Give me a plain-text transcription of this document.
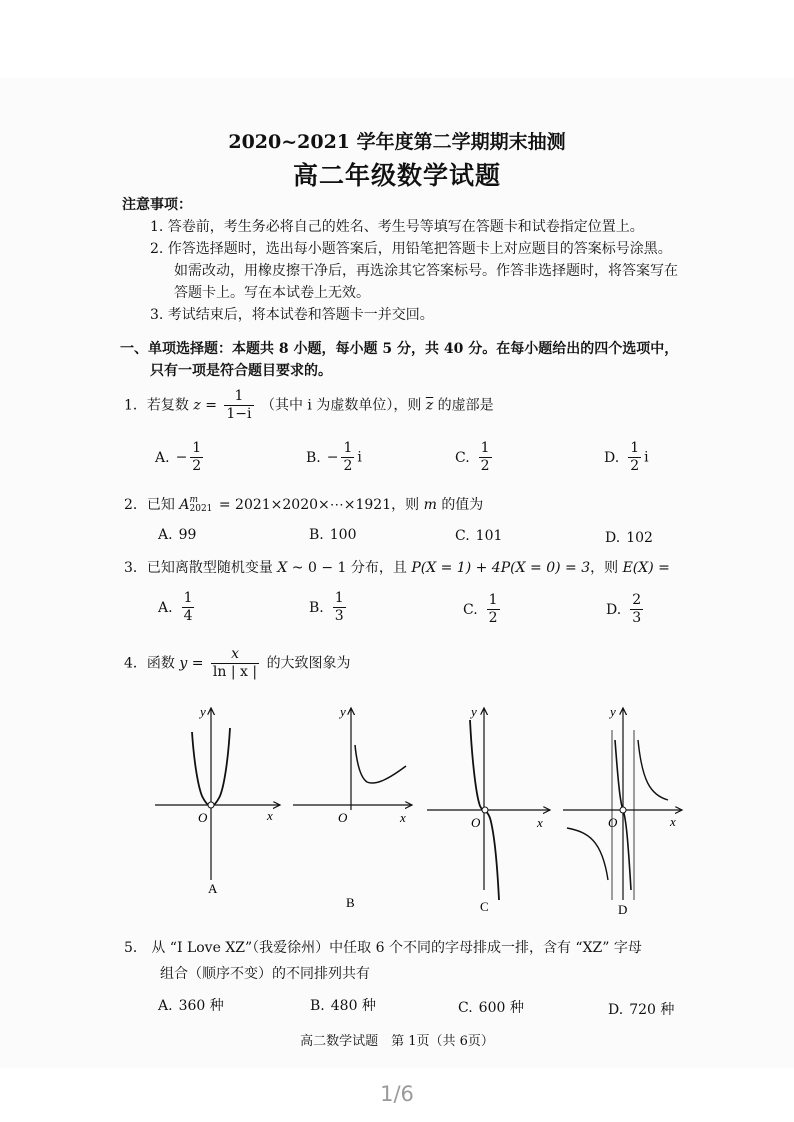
2020~2021 学年度第二学期期末抽测
高二年级数学试题
注意事项：
1. 答卷前，考生务必将自己的姓名、考生号等填写在答题卡和试卷指定位置上。
2. 作答选择题时，选出每小题答案后，用铅笔把答题卡上对应题目的答案标号涂黑。
如需改动，用橡皮擦干净后，再选涂其它答案标号。作答非选择题时，将答案写在
答题卡上。写在本试卷上无效。
3. 考试结束后，将本试卷和答题卡一并交回。
一、单项选择题：本题共 8 小题，每小题 5 分，共 40 分。在每小题给出的四个选项中，
只有一项是符合题目要求的。
1．若复数 $z = \frac{1}{1-i}$ （其中 i 为虚数单位），则 $\overline{z}$ 的虚部是
A. − $\frac{1}{2}$	B. − $\frac{1}{2}$ i	C. $\frac{1}{2}$	D. $\frac{1}{2}$ i
2．已知 A m
2021 = 2021×2020×⋯×1921，则 m 的值为
A. 99	B. 100	C. 101	D. 102
3．已知离散型随机变量 X ~ 0 − 1 分布，且 P(X = 1) + 4P(X = 0) = 3，则 E(X) =
A. $\frac{1}{4}$	B. $\frac{1}{3}$	C. $\frac{1}{2}$	D. $\frac{2}{3}$
4．函数 $y = \frac{x}{\ln | x |}$ 的大致图象为
O	x
y
A
O	x
y
B
O	x
y
C
O	x
y
D
5． 从 “I Love XZ”（我爱徐州）中任取 6 个不同的字母排成一排，含有 “XZ” 字母
组合（顺序不变）的不同排列共有
A. 360 种	B. 480 种	C. 600 种	D. 720 种
高二数学试题　第 1页（共 6页）
1/6
